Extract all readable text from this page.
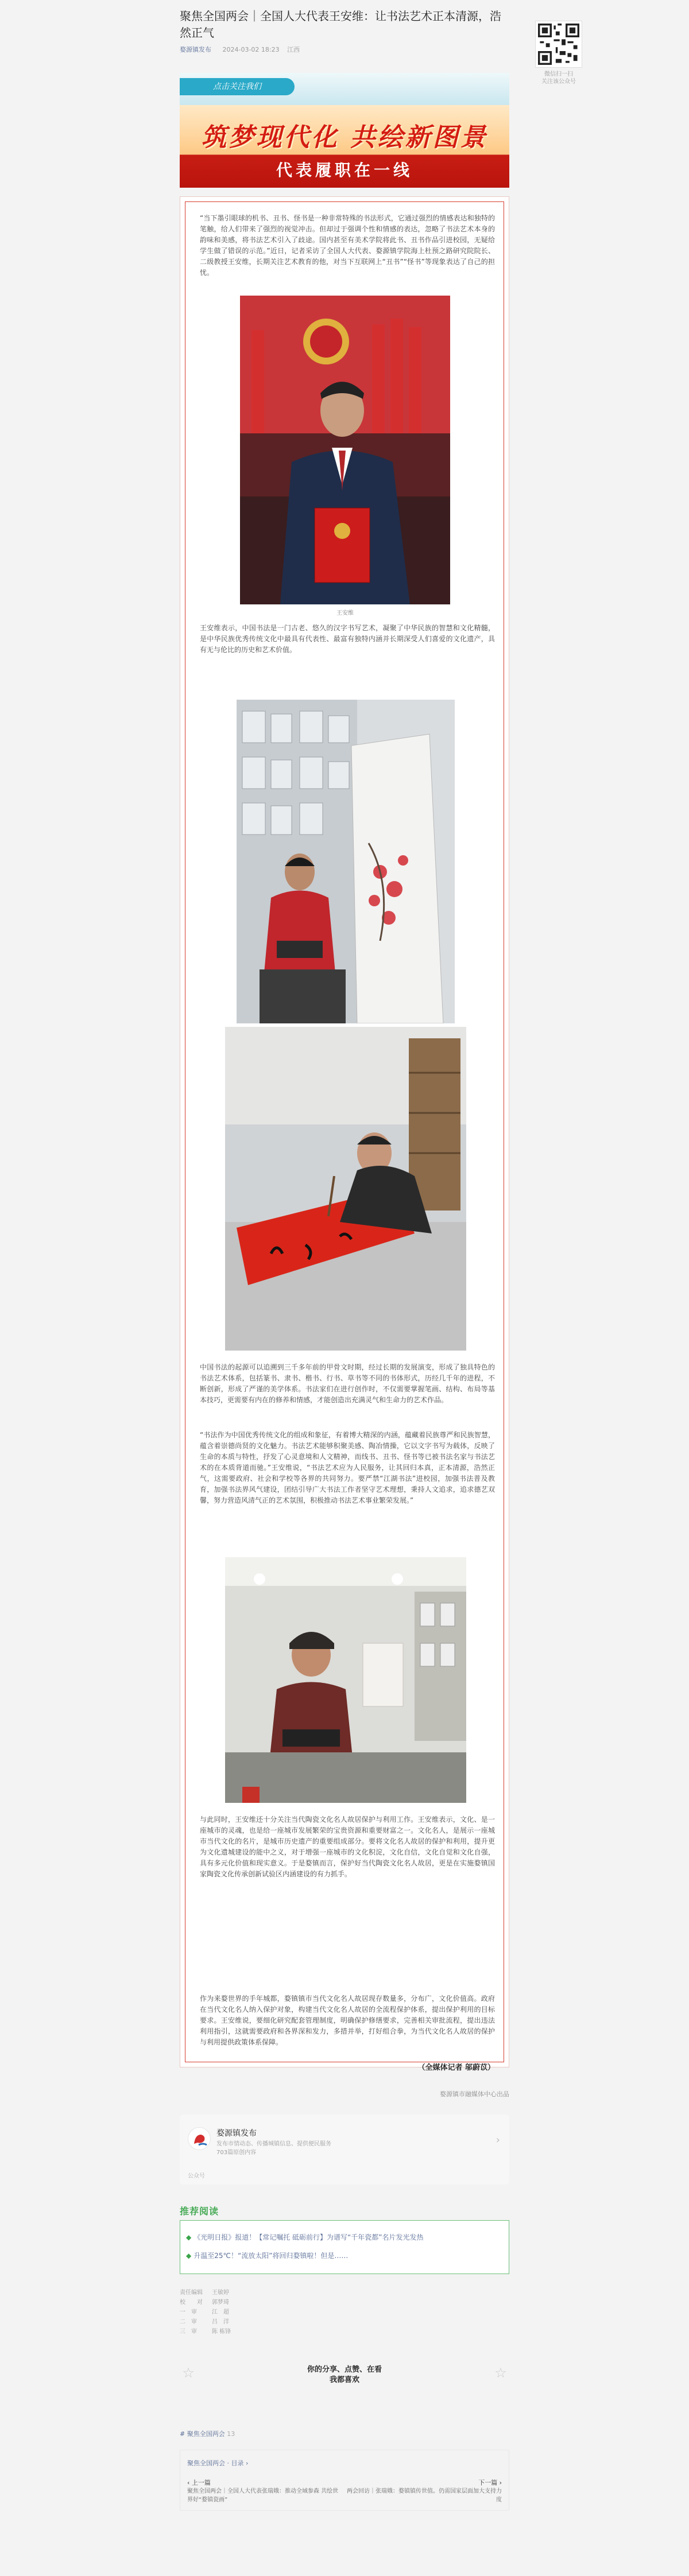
聚焦全国两会｜全国人大代表王安维：让书法艺术正本清源，浩然正气
婺源镇发布 2024-03-02 18:23 江西
微信扫一扫
关注该公众号
点击关注我们
筑梦现代化 共绘新图景
代表履职在一线
“当下墨引眼球的机书、丑书、怪书是一种非常特殊的书法形式，它通过强烈的情感表达和独特的笔触，给人们带来了强烈的视觉冲击。但却过于强调个性和情感的表达，忽略了书法艺术本身的韵味和美感，将书法艺术引入了歧途。国内甚至有美术学院将此书、丑书作品引进校园，无疑给学生做了错误的示范。”近日，记者采访了全国人大代表、婺源镇学院海上杜预之路研究院院长、二级教授王安维，长期关注艺术教育的他，对当下互联网上“丑书”“怪书”等现象表达了自己的担忧。
王安维
王安维表示，中国书法是一门古老、悠久的汉字书写艺术，凝聚了中华民族的智慧和文化精髓，是中华民族优秀传统文化中最具有代表性、最富有独特内涵并长期深受人们喜爱的文化遗产，具有无与伦比的历史和艺术价值。
中国书法的起源可以追溯到三千多年前的甲骨文时期，经过长期的发展演变，形成了独具特色的书法艺术体系，包括篆书、隶书、楷书、行书、草书等不同的书体形式，历经几千年的进程，不断创新，形成了严谨的美学体系。书法家们在进行创作时，不仅需要掌握笔画、结构、布局等基本技巧，更需要有内在的修养和情感，才能创造出充满灵气和生命力的艺术作品。
“书法作为中国优秀传统文化的组成和象征，有着博大精深的内涵，蕴藏着民族尊严和民族智慧，蕴含着崇德尚贤的文化魅力。书法艺术能够积聚美感、陶冶情操，它以文字书写为载体，反映了生命的本质与特性，抒发了心灵意境和人文精神，而线书、丑书、怪书等已被书法名家与书法艺术的在本质背道而驰。”王安维说，“书法艺术应为人民服务，让其回归本真，正本清源，浩然正气，这需要政府、社会和学校等各界的共同努力。要严禁“江湖书法”进校园，加强书法普及教育，加强书法界风气建设，团结引导广大书法工作者坚守艺术理想，秉持人文追求，追求德艺双馨，努力营造风清气正的艺术氛围，积极推动书法艺术事业繁荣发展。”
与此同时，王安维还十分关注当代陶瓷文化名人故居保护与利用工作。王安维表示，文化、是一座城市的灵魂，也是给一座城市发展繁荣的宝贵资源和重要财富之一。文化名人，是展示一座城市当代文化的名片，是城市历史遗产的重要组成部分。要将文化名人故居的保护和利用，提升更为文化遗城建设的能中之义，对于增强一座城市的文化积淀，文化自信，文化自觉和文化自强，具有多元化价值和现实意义。于是婺镇而言，保护好当代陶瓷文化名人故居，更是在实施婺镇国家陶瓷文化传承创新试验区内涵建设的有力抓手。
作为来婺世界的手年城都，婺镇镇市当代文化名人故居现存数量多，分布广，文化价值高。政府在当代文化名人纳入保护对象，构建当代文化名人故居的全流程保护体系，提出保护利用的目标要求。王安维说，要细化研究配套管理制度，明确保护修缮要求，完善相关审批流程，提出违法利用指引，这就需要政府和各界深和发力，多措并举，打好组合拳，为当代文化名人故居的保护与利用提供政策体系保障。
（全媒体记者 邬蔚苡）
婺源镇市融媒体中心出品
婺源镇发布
发布市情动态、传播城镇信息、提供便民服务
703篇原创内容
›
公众号
推荐阅读
◆ 《光明日报》报道！【常记嘱托 砥砺前行】为谱写“千年瓷都”名片发光发热
◆ 升温至25℃！“流放太阳”将回归婺镇啦！但是……
责任编辑 王敏婷
校　　对 郭梦琦
一　审	江　超
二　审	吕　洋
三　审	陈 栋锋
☆	你的分享、点赞、在看
我都喜欢	☆
# 聚焦全国两会 13
聚焦全国两会 · 目录 ›
‹ 上一篇	下一篇 ›
聚焦全国两会｜全国人大代表张瑞娥：推动全域参森 共绘世界好“婺镇瓷画”
两会回访｜张瑞娥：婺镇镇传世值。仍需国家层面加大支持力度
